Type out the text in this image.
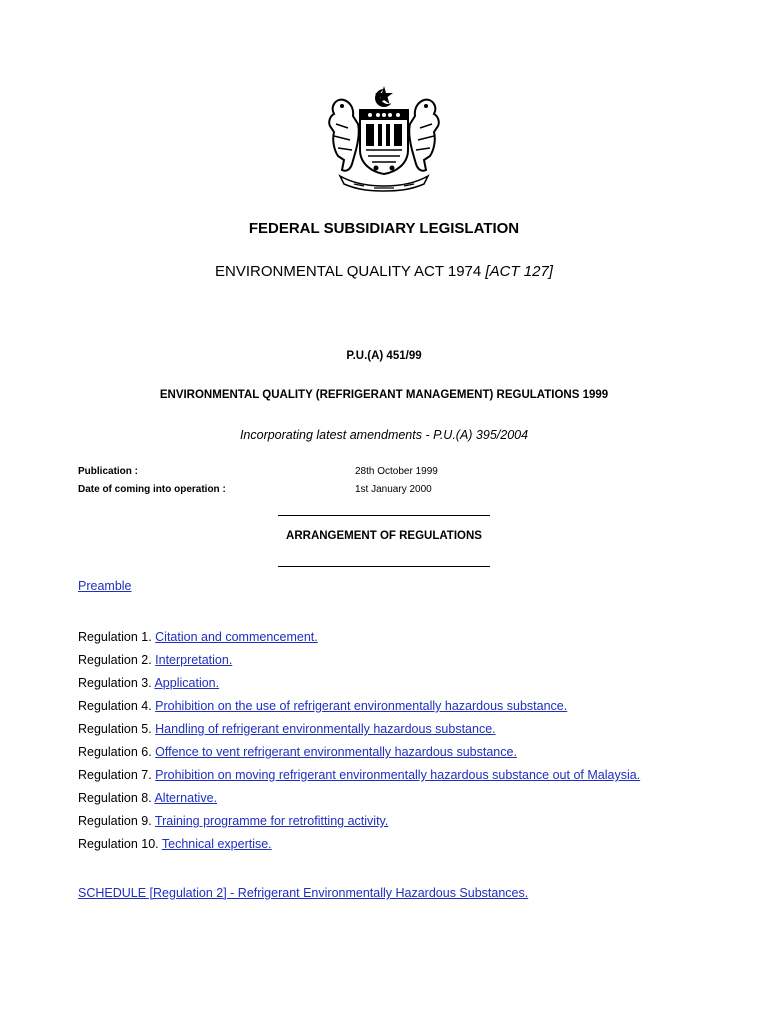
FEDERAL SUBSIDIARY LEGISLATION
ENVIRONMENTAL QUALITY ACT 1974 [ACT 127]
P.U.(A) 451/99
ENVIRONMENTAL QUALITY (REFRIGERANT MANAGEMENT) REGULATIONS 1999
Incorporating latest amendments - P.U.(A) 395/2004
Publication :	28th October 1999
Date of coming into operation :	1st January 2000
ARRANGEMENT OF REGULATIONS
Preamble
Regulation 1. Citation and commencement.
Regulation 2. Interpretation.
Regulation 3. Application.
Regulation 4. Prohibition on the use of refrigerant environmentally hazardous substance.
Regulation 5. Handling of refrigerant environmentally hazardous substance.
Regulation 6. Offence to vent refrigerant environmentally hazardous substance.
Regulation 7. Prohibition on moving refrigerant environmentally hazardous substance out of Malaysia.
Regulation 8. Alternative.
Regulation 9. Training programme for retrofitting activity.
Regulation 10. Technical expertise.
SCHEDULE [Regulation 2] - Refrigerant Environmentally Hazardous Substances.
